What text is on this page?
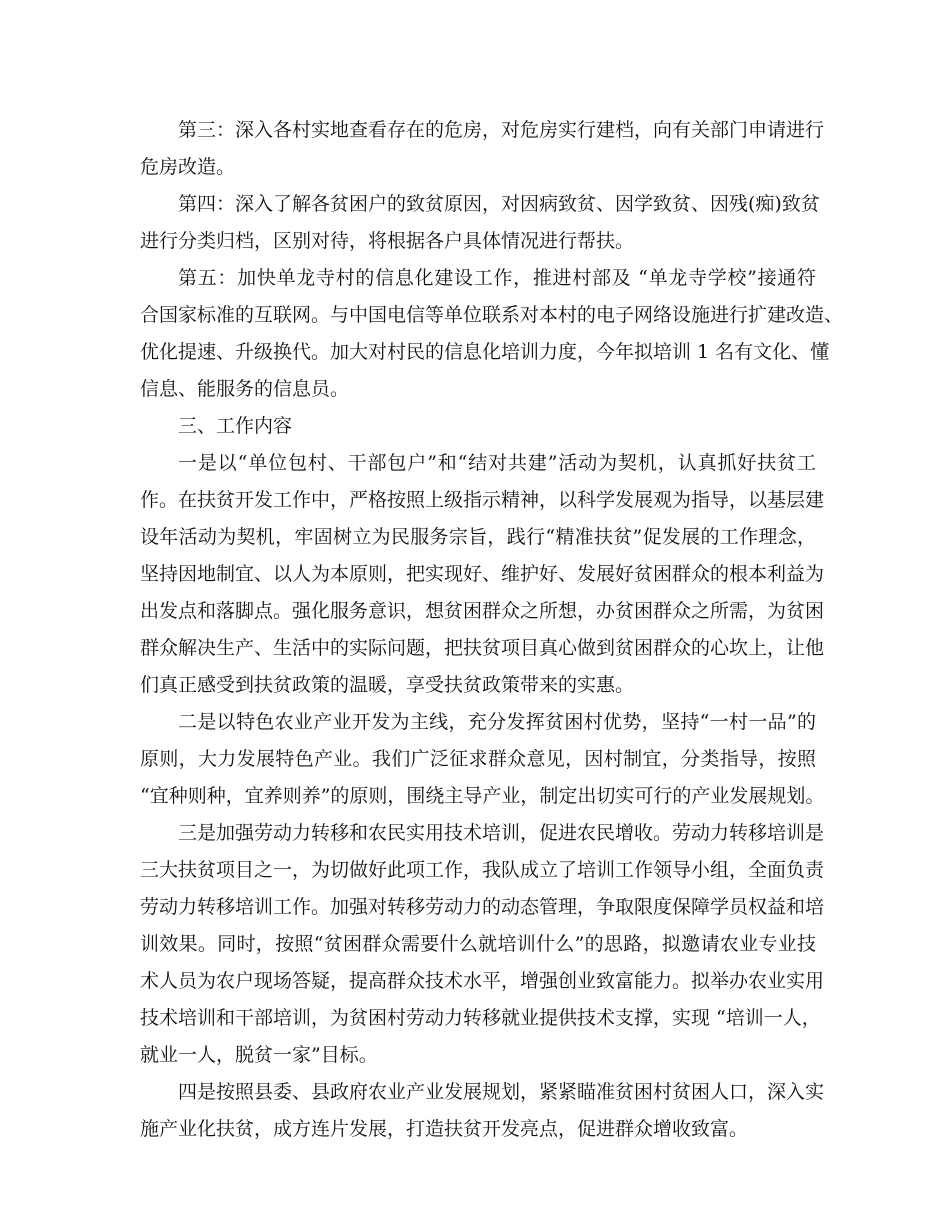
第三：深入各村实地查看存在的危房，对危房实行建档，向有关部门申请进行
危房改造。

第四：深入了解各贫困户的致贫原因，对因病致贫、因学致贫、因残(痴)致贫
进行分类归档，区别对待，将根据各户具体情况进行帮扶。

第五：加快单龙寺村的信息化建设工作，推进村部及 “单龙寺学校”接通符
合国家标准的互联网。与中国电信等单位联系对本村的电子网络设施进行扩建改造、
优化提速、升级换代。加大对村民的信息化培训力度，今年拟培训 1 名有文化、懂
信息、能服务的信息员。

三、工作内容

一是以“单位包村、干部包户”和“结对共建”活动为契机，认真抓好扶贫工
作。在扶贫开发工作中，严格按照上级指示精神，以科学发展观为指导，以基层建
设年活动为契机，牢固树立为民服务宗旨，践行“精准扶贫”促发展的工作理念，
坚持因地制宜、以人为本原则，把实现好、维护好、发展好贫困群众的根本利益为
出发点和落脚点。强化服务意识，想贫困群众之所想，办贫困群众之所需，为贫困
群众解决生产、生活中的实际问题，把扶贫项目真心做到贫困群众的心坎上，让他
们真正感受到扶贫政策的温暖，享受扶贫政策带来的实惠。

二是以特色农业产业开发为主线，充分发挥贫困村优势，坚持“一村一品”的
原则，大力发展特色产业。我们广泛征求群众意见，因村制宜，分类指导，按照
“宜种则种，宜养则养”的原则，围绕主导产业，制定出切实可行的产业发展规划。

三是加强劳动力转移和农民实用技术培训，促进农民增收。劳动力转移培训是
三大扶贫项目之一，为切做好此项工作，我队成立了培训工作领导小组，全面负责
劳动力转移培训工作。加强对转移劳动力的动态管理，争取限度保障学员权益和培
训效果。同时，按照“贫困群众需要什么就培训什么”的思路，拟邀请农业专业技
术人员为农户现场答疑，提高群众技术水平，增强创业致富能力。拟举办农业实用
技术培训和干部培训，为贫困村劳动力转移就业提供技术支撑，实现 “培训一人，
就业一人，脱贫一家”目标。

四是按照县委、县政府农业产业发展规划，紧紧瞄准贫困村贫困人口，深入实
施产业化扶贫，成方连片发展，打造扶贫开发亮点，促进群众增收致富。
